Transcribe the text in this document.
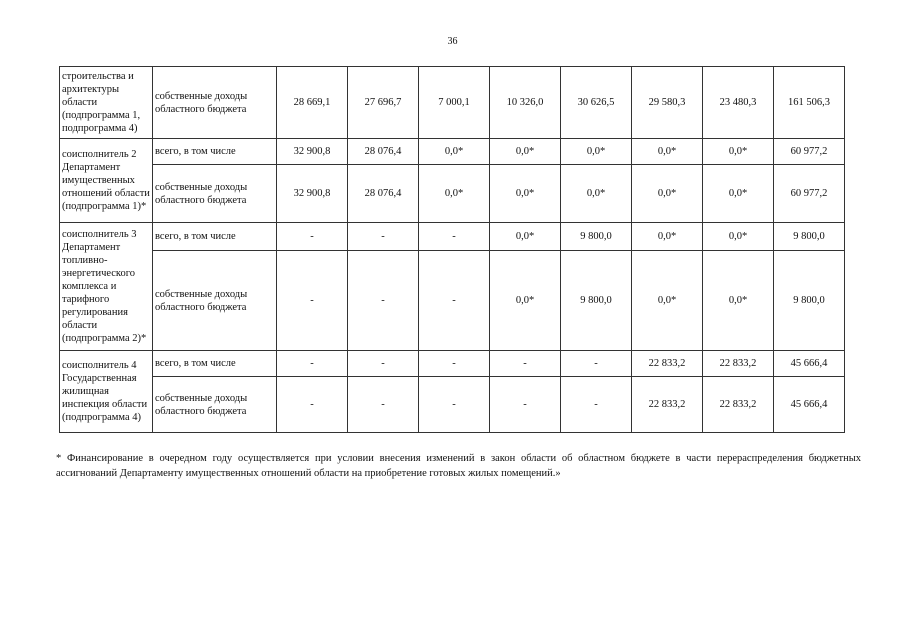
36
строительства и архитектуры области (подпрограмма 1, подпрограмма 4)	собственные доходы областного бюджета	28 669,1	27 696,7	7 000,1	10 326,0	30 626,5	29 580,3	23 480,3	161 506,3
соисполнитель 2 Департамент имущественных отношений области (подпрограмма 1)*	всего, в том числе	32 900,8	28 076,4	0,0*	0,0*	0,0*	0,0*	0,0*	60 977,2
	собственные доходы областного бюджета	32 900,8	28 076,4	0,0*	0,0*	0,0*	0,0*	0,0*	60 977,2
соисполнитель 3 Департамент топливно-энергетического комплекса и тарифного регулирования области (подпрограмма 2)*	всего, в том числе	-	-	-	0,0*	9 800,0	0,0*	0,0*	9 800,0
	собственные доходы областного бюджета	-	-	-	0,0*	9 800,0	0,0*	0,0*	9 800,0
соисполнитель 4 Государственная жилищная инспекция области (подпрограмма 4)	всего, в том числе	-	-	-	-	-	22 833,2	22 833,2	45 666,4
	собственные доходы областного бюджета	-	-	-	-	-	22 833,2	22 833,2	45 666,4
* Финансирование в очередном году осуществляется при условии внесения изменений в закон области об областном бюджете в части перераспределения бюджетных ассигнований Департаменту имущественных отношений области на приобретение готовых жилых помещений.»
